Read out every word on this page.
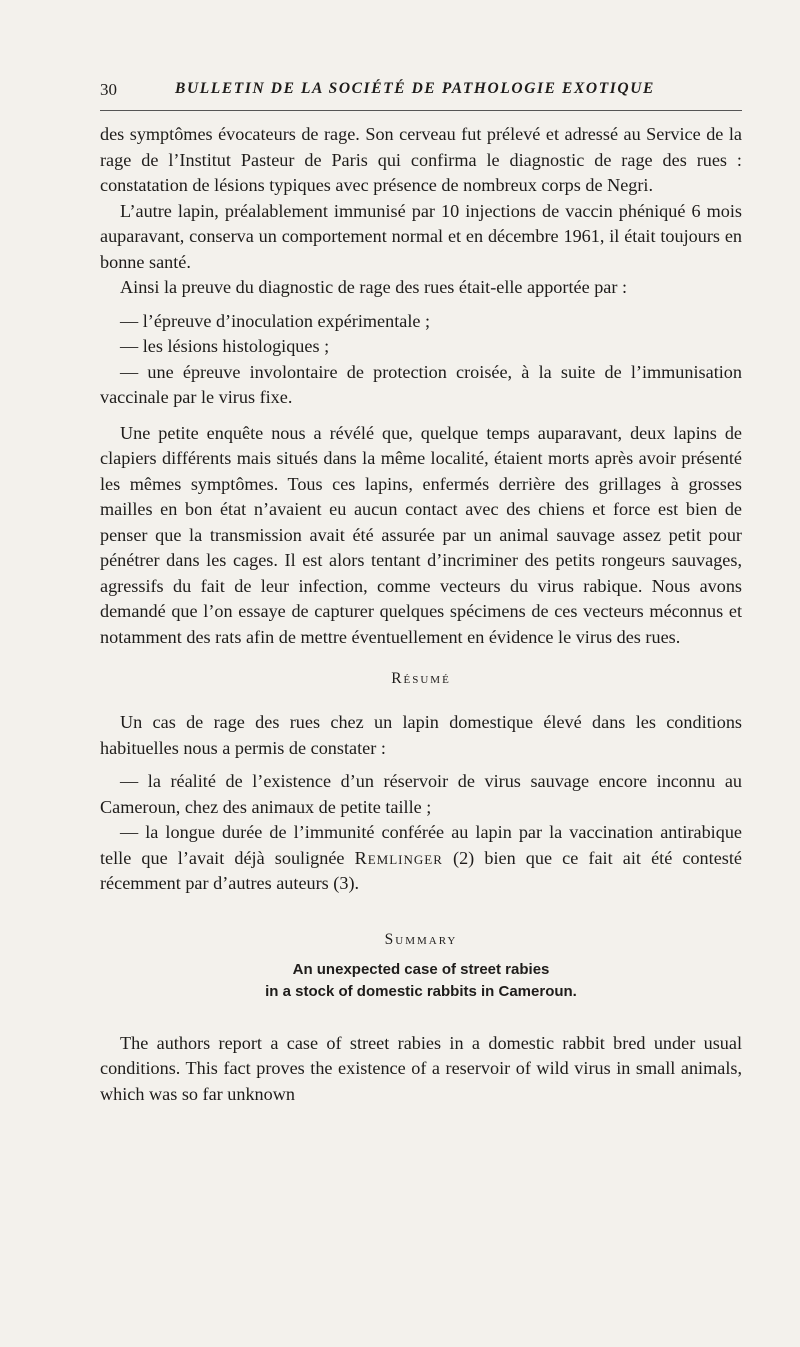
30	BULLETIN DE LA SOCIÉTÉ DE PATHOLOGIE EXOTIQUE

des symptômes évocateurs de rage. Son cerveau fut prélevé et adressé au Service de la rage de l’Institut Pasteur de Paris qui confirma le diagnostic de rage des rues : constatation de lésions typiques avec présence de nombreux corps de Negri.

L’autre lapin, préalablement immunisé par 10 injections de vaccin phéniqué 6 mois auparavant, conserva un comportement normal et en décembre 1961, il était toujours en bonne santé.

Ainsi la preuve du diagnostic de rage des rues était-elle apportée par :

— l’épreuve d’inoculation expérimentale ;

— les lésions histologiques ;

— une épreuve involontaire de protection croisée, à la suite de l’immunisation vaccinale par le virus fixe.

Une petite enquête nous a révélé que, quelque temps auparavant, deux lapins de clapiers différents mais situés dans la même localité, étaient morts après avoir présenté les mêmes symptômes. Tous ces lapins, enfermés derrière des grillages à grosses mailles en bon état n’avaient eu aucun contact avec des chiens et force est bien de penser que la transmission avait été assurée par un animal sauvage assez petit pour pénétrer dans les cages. Il est alors tentant d’incriminer des petits rongeurs sauvages, agressifs du fait de leur infection, comme vecteurs du virus rabique. Nous avons demandé que l’on essaye de capturer quelques spécimens de ces vecteurs méconnus et notamment des rats afin de mettre éventuellement en évidence le virus des rues.

Résumé

Un cas de rage des rues chez un lapin domestique élevé dans les conditions habituelles nous a permis de constater :

— la réalité de l’existence d’un réservoir de virus sauvage encore inconnu au Cameroun, chez des animaux de petite taille ;

— la longue durée de l’immunité conférée au lapin par la vaccination antirabique telle que l’avait déjà soulignée Remlinger (2) bien que ce fait ait été contesté récemment par d’autres auteurs (3).

Summary
An unexpected case of street rabies
in a stock of domestic rabbits in Cameroun.

The authors report a case of street rabies in a domestic rabbit bred under usual conditions. This fact proves the existence of a reservoir of wild virus in small animals, which was so far unknown
